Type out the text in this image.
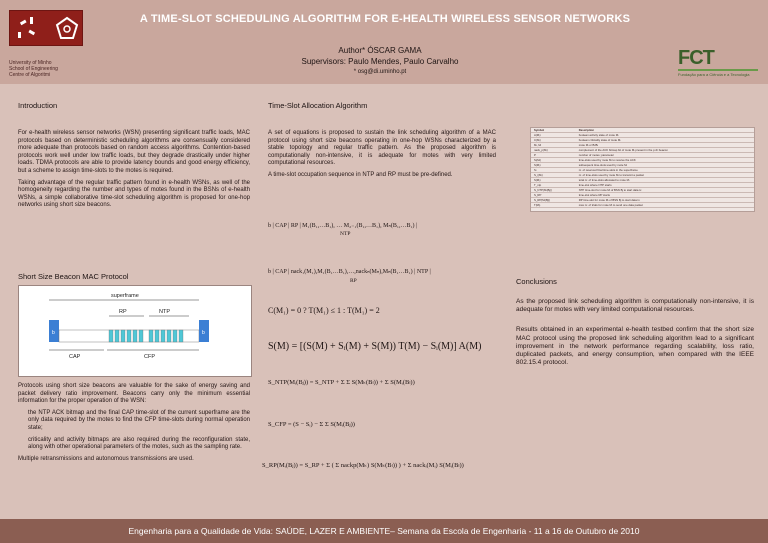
University of Minho
School of Engineering
Centre of Algoritmi
A TIME-SLOT SCHEDULING ALGORITHM FOR E-HEALTH WIRELESS SENSOR NETWORKS
Author* ÓSCAR GAMA
Supervisors: Paulo Mendes, Paulo Carvalho
* osg@di.uminho.pt
FCT
Fundação para a Ciência e a Tecnologia
Introduction

For e-health wireless sensor networks (WSN) presenting significant traffic loads, MAC protocols based on deterministic scheduling algorithms are consensually considered more adequate than protocols based on random access algorithms. Contention-based protocols work well under low traffic loads, but they degrade drastically under higher loads. TDMA protocols are able to provide latency bounds and good energy efficiency, but a scheme to assign time-slots to the motes is required.

Taking advantage of the regular traffic pattern found in e-health WSNs, as well of the homogeneity regarding the number and types of motes found in the BSNs of e-health WSNs, a simple collaborative time-slot scheduling algorithm is proposed for one-hop networks using short size beacons.

Short Size Beacon MAC Protocol
superframe
RP	NTP
b	b
CAP	CFP

Protocols using short size beacons are valuable for the sake of energy saving and packet delivery ratio improvement. Beacons carry only the minimum essential information for the proper operation of the WSN:

the NTP ACK bitmap and the final CAP time-slot of the current superframe are the only data required by the motes to find the CFP time-slots during normal operation state;

criticality and activity bitmaps are also required during the reconfiguration state, along with other operational parameters of the motes, such as the sampling rate.

Multiple retransmissions and autonomous transmissions are used.

Time-Slot Allocation Algorithm

A set of equations is proposed to sustain the link scheduling algorithm of a MAC protocol using short size beacons operating in one-hop WSNs characterized by a stable topology and regular traffic pattern. As the proposed algorithm is computationally non-intensive, it is adequate for motes with very limited computational resources.

A time-slot occupation sequence in NTP and RP must be pre-defined.

b | CAP | RP | M₁(B₁,…B₁), … M₂₋₁(B₁,…B₁), Mₙ(B₁,…B₁) |
NTP
b | CAP | nack₁(M₁),M₁(B₁…B₁),…,nackₙ(Mₙ),Mₙ(B₁…B₁) | NTP |
RP
C(M₁) = 0 ? T(M₁) ≤ 1 : T(M₁) = 2
S(M) = [(S(M) + Sᵢ(M) + S(M)) T(M) − Sᵢ(M)] A(M)
S_NTP(Mᵢ(Bⱼ)) = S_NTP + Σ Σ S(Mₖ(Bₗ)) + Σ S(Mᵢ(Bₗ))
S_CFP = (S − Sᵢ) − Σ Σ S(Mᵢ(Bⱼ))
S_RP(Mᵢ(Bⱼ)) = S_RP + Σ ( Σ nackp(Mₖ) S(Mₖ(Bₗ)) ) + Σ nackᵢ(Mᵢ) S(Mᵢ(Bₗ))
Symbol	Description
A(Mᵢ)	boolean activity state of mote Mᵢ
C(Mᵢ)	boolean criticality state of mote Mᵢ
Mᵢ, Mᵢ	mote Mᵢ or Bₗ/Bᵢ
nack_p(Mᵢ)	complement of the ACK bitmap bit of mote Mᵢ present in the p-th beacon
P	number of motes; parameter
Sᵢ(Mᵢ)	time-slots used by mote Mᵢ to receive the ACK
S(Mᵢ)	subsequent time-slots used by mote Mᵢ
Sₗ	nr. of reserved final time-slots in the superframe
S_i(Mᵢ)	nr. of time-slots used by mote Mᵢ to transmit a packet
S(Mᵢ)	total nr. of time-slots allocated to mote Mᵢ
T_ntp	time-slot where NTP starts
S_NTP(Mᵢ(Bⱼ))	NTP time-slot for mote Mᵢ of BSN Bⱼ to start data tx
S_RP	time-slot where RP starts
S_RP(Mᵢ(Bⱼ))	RP time-slot for mote Mᵢ of BSN Bⱼ to start data tx
T(Mᵢ)	max nr. of trials for mote Mᵢ to send one data packet
Conclusions

As the proposed link scheduling algorithm is computationally non-intensive, it is adequate for motes with very limited computational resources.

Results obtained in an experimental e-health testbed confirm that the short size MAC protocol using the proposed link scheduling algorithm lead to a significant improvement in the network performance regarding scalability, loss ratio, duplicated packets, and energy consumption, when compared with the IEEE 802.15.4 protocol.

Engenharia para a Qualidade de Vida: SAÚDE, LAZER E AMBIENTE– Semana da Escola de Engenharia - 11 a 16 de Outubro de 2010
